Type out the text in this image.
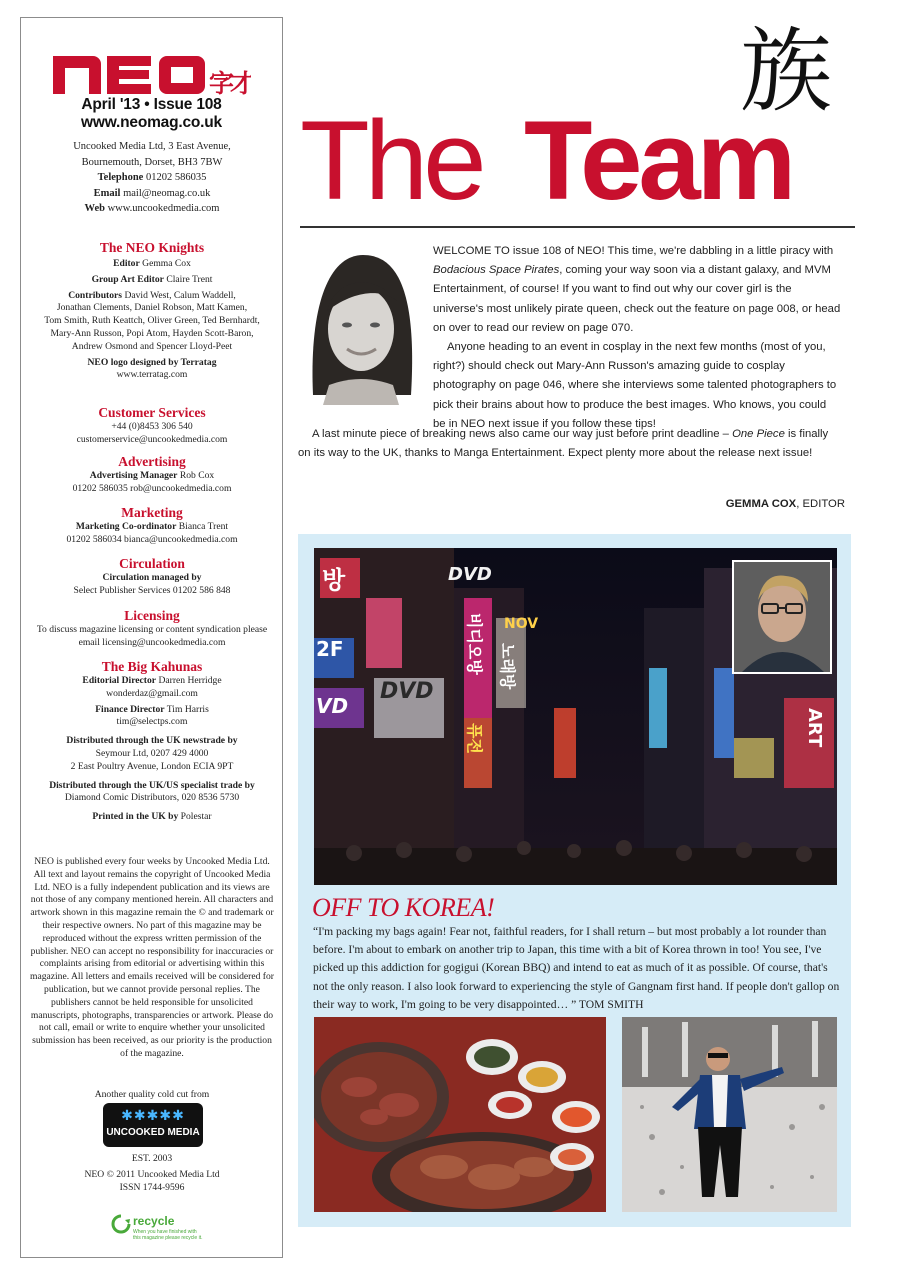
字才
April '13 • Issue 108
www.neomag.co.uk
Uncooked Media Ltd, 3 East Avenue,
Bournemouth, Dorset, BH3 7BW
Telephone 01202 586035
Email mail@neomag.co.uk
Web www.uncookedmedia.com

The NEO Knights

Editor Gemma Cox

Group Art Editor Claire Trent

Contributors David West, Calum Waddell,

Jonathan Clements, Daniel Robson, Matt Kamen,

Tom Smith, Ruth Keattch, Oliver Green, Ted Bernhardt,

Mary-Ann Russon, Popi Atom, Hayden Scott-Baron,

Andrew Osmond and Spencer Lloyd-Peet

NEO logo designed by Terratag

www.terratag.com

Customer Services

+44 (0)8453 306 540

customerservice@uncookedmedia.com

Advertising

Advertising Manager Rob Cox

01202 586035 rob@uncookedmedia.com

Marketing

Marketing Co-ordinator Bianca Trent

01202 586034 bianca@uncookedmedia.com

Circulation

Circulation managed by

Select Publisher Services 01202 586 848

Licensing

To discuss magazine licensing or content syndication please

email licensing@uncookedmedia.com

The Big Kahunas

Editorial Director Darren Herridge

wonderdaz@gmail.com

Finance Director Tim Harris

tim@selectps.com

Distributed through the UK newstrade by

Seymour Ltd, 0207 429 4000

2 East Poultry Avenue, London ECIA 9PT

Distributed through the UK/US specialist trade by

Diamond Comic Distributors, 020 8536 5730

Printed in the UK by Polestar

NEO is published every four weeks by Uncooked Media Ltd. All text and layout remains the copyright of Uncooked Media Ltd. NEO is a fully independent publication and its views are not those of any company mentioned herein. All characters and artwork shown in this magazine remain the © and trademark or their respective owners. No part of this magazine may be reproduced without the express written permission of the publisher. NEO can accept no responsibility for inaccuracies or complaints arising from editorial or advertising within this magazine. All letters and emails received will be considered for publication, but we cannot provide personal replies. The publishers cannot be held responsible for unsolicited manuscripts, photographs, transparencies or artwork. Please do not call, email or write to enquire whether your unsolicited submission has been received, as our priority is the production of the magazine.
Another quality cold cut from
✱✱✱✱✱
UNCOOKED MEDIA
EST. 2003
NEO © 2011 Uncooked Media Ltd
ISSN 1744-9596
recycle
When you have finished with this magazine please recycle it.
族
The Team
WELCOME TO issue 108 of NEO! This time, we're dabbling in a little piracy with Bodacious Space Pirates, coming your way soon via a distant galaxy, and MVM Entertainment, of course! If you want to find out why our cover girl is the universe's most unlikely pirate queen, check out the feature on page 008, or head on over to read our review on page 070.
Anyone heading to an event in cosplay in the next few months (most of you, right?) should check out Mary-Ann Russon's amazing guide to cosplay photography on page 046, where she interviews some talented photographers to pick their brains about how to produce the best images. Who knows, you could be in NEO next issue if you follow these tips!
A last minute piece of breaking news also came our way just before print deadline – One Piece is finally on its way to the UK, thanks to Manga Entertainment. Expect plenty more about the release next issue!
GEMMA COX, EDITOR
방	DVD
비디오방 NOV
노래방
2F
DVD
퓨전	ART
VD
OFF TO KOREA!
“I'm packing my bags again! Fear not, faithful readers, for I shall return – but most probably a lot rounder than before. I'm about to embark on another trip to Japan, this time with a bit of Korea thrown in too! You see, I've picked up this addiction for gogigui (Korean BBQ) and intend to eat as much of it as possible. Of course, that's not the only reason. I also look forward to experiencing the style of Gangnam first hand. If people don't gallop on their way to work, I'm going to be very disappointed… ” TOM SMITH
